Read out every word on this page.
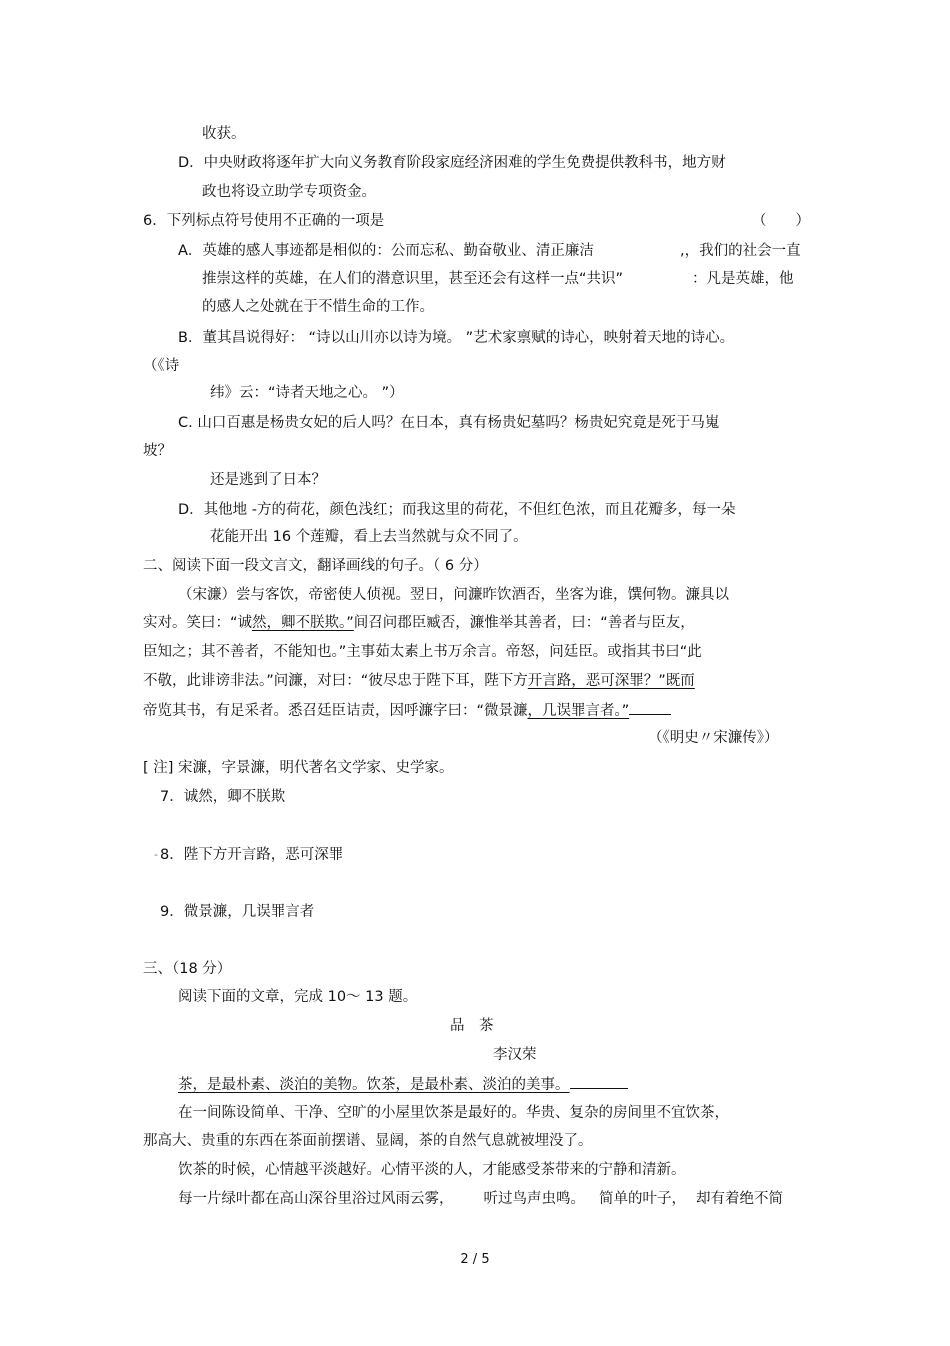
收获。
D．中央财政将逐年扩大向义务教育阶段家庭经济困难的学生免费提供教科书，地方财
政也将设立助学专项资金。
6．下列标点符号使用不正确的一项是	（　　）
A．英雄的感人事迹都是相似的：公而忘私、勤奋敬业、清正廉洁	,，我们的社会一直
推崇这样的英雄，在人们的潜意识里，甚至还会有这样一点“共识”	：凡是英雄，他
的感人之处就在于不惜生命的工作。
B．董其昌说得好： “诗以山川亦以诗为境。 ”艺术家禀赋的诗心，映射着天地的诗心。
（《诗
纬》云：“诗者天地之心。 ”）
C. 山口百惠是杨贵女妃的后人吗？在日本，真有杨贵妃墓吗？杨贵妃究竟是死于马嵬
坡？
还是逃到了日本？
D．其他地 -方的荷花，颜色浅红；而我这里的荷花，不但红色浓，而且花瓣多，每一朵
花能开出 16 个莲瓣，看上去当然就与众不同了。
二、阅读下面一段文言文，翻译画线的句子。（ 6 分）
（宋濂）尝与客饮，帝密使人侦视。翌日，问濂昨饮酒否，坐客为谁，馔何物。濂具以
实对。笑曰：“诚然，卿不朕欺。”间召问郡臣臧否，濂惟举其善者，曰：“善者与臣友，
臣知之；其不善者，不能知也。”主事茹太素上书万余言。帝怒，问廷臣。或指其书曰“此
不敬，此诽谤非法。”问濂，对曰：“彼尽忠于陛下耳，陛下方开言路，恶可深罪？”既而
帝览其书，有足采者。悉召廷臣诘责，因呼濂字曰：“微景濂，几误罪言者。”
（《明史〃宋濂传》）
[ 注] 宋濂，字景濂，明代著名文学家、史学家。
7．诚然，卿不朕欺
- 8．陛下方开言路，恶可深罪
9．微景濂，几误罪言者
三、（18 分）
阅读下面的文章，完成 10～ 13 题。
品　茶
李汉荣
茶，是最朴素、淡泊的美物。饮茶，是最朴素、淡泊的美事。
在一间陈设简单、干净、空旷的小屋里饮茶是最好的。华贵、复杂的房间里不宜饮茶，
那高大、贵重的东西在茶面前摆谱、显阔，茶的自然气息就被埋没了。
饮茶的时候，心情越平淡越好。心情平淡的人，才能感受茶带来的宁静和清新。
每一片绿叶都在高山深谷里浴过风雨云雾， 听过鸟声虫鸣。 简单的叶子， 却有着绝不简
2 / 5
